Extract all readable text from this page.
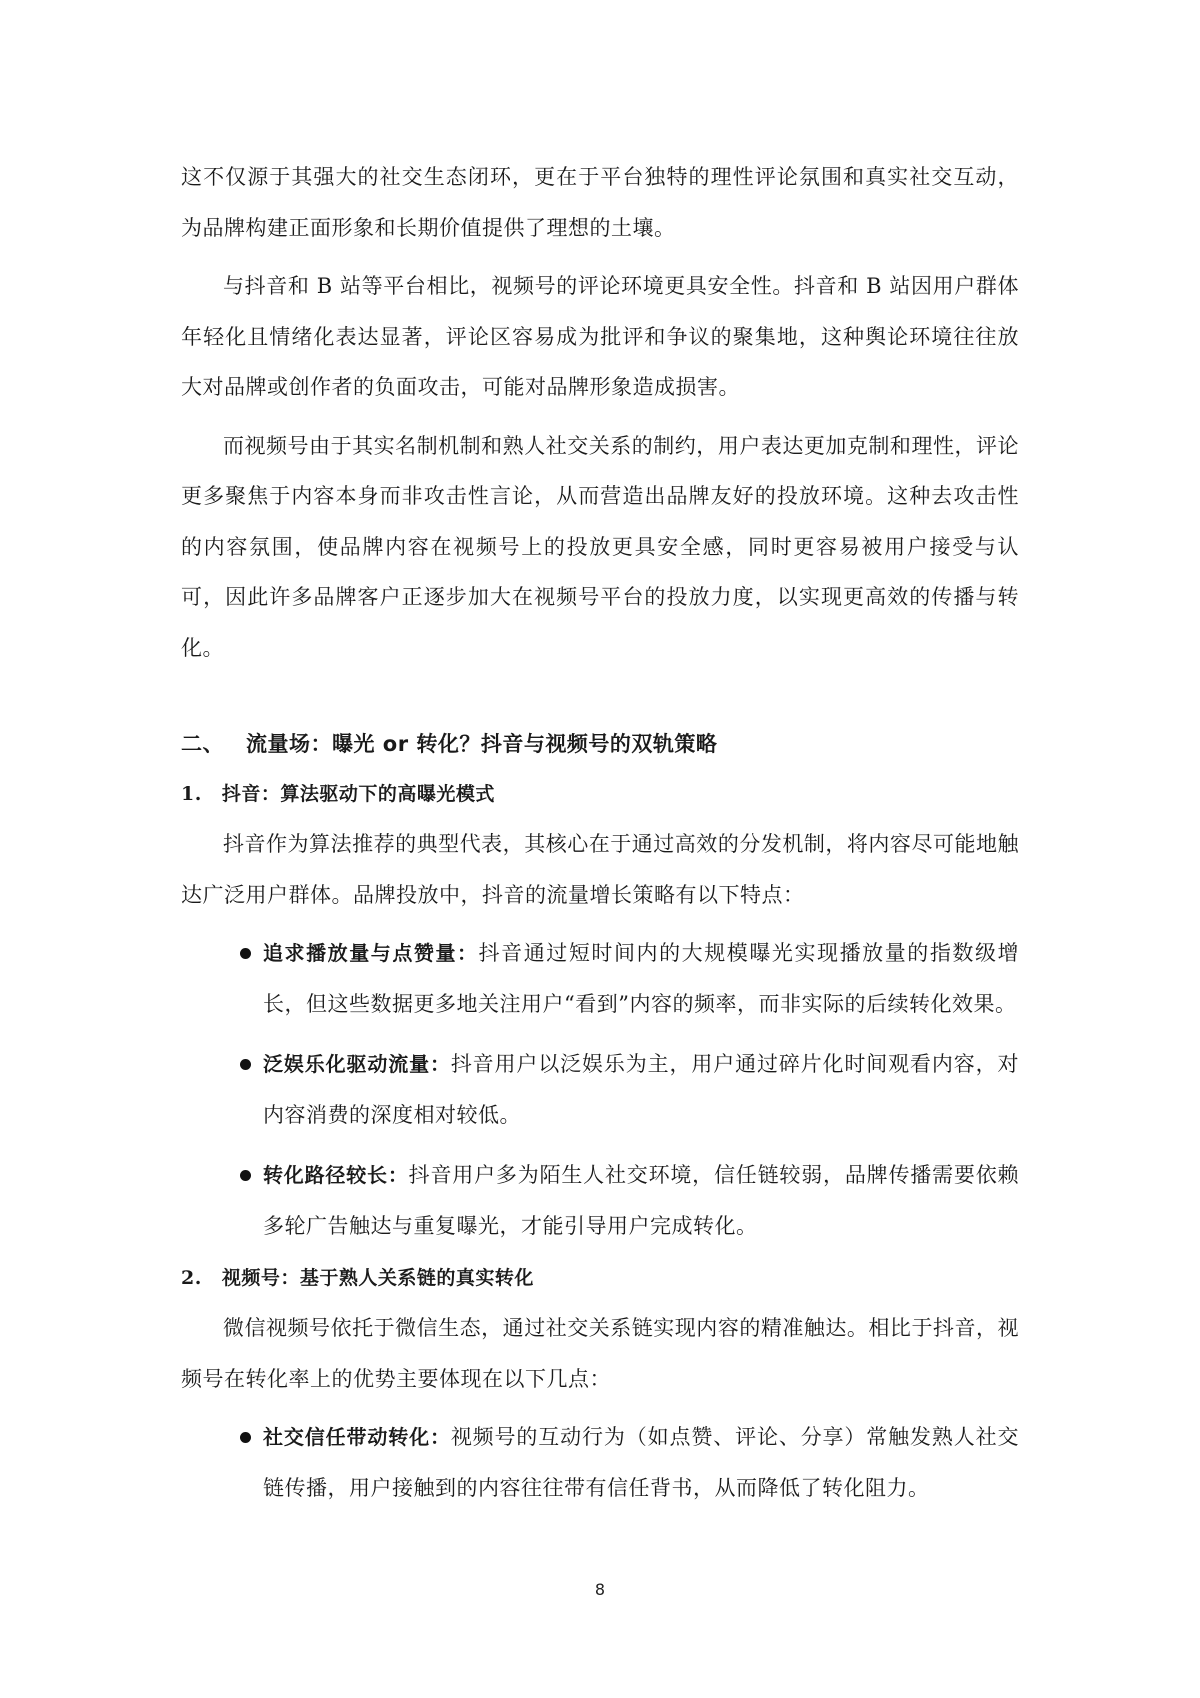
这不仅源于其强大的社交生态闭环，更在于平台独特的理性评论氛围和真实社交互动，为品牌构建正面形象和长期价值提供了理想的土壤。

与抖音和 B 站等平台相比，视频号的评论环境更具安全性。抖音和 B 站因用户群体年轻化且情绪化表达显著，评论区容易成为批评和争议的聚集地，这种舆论环境往往放大对品牌或创作者的负面攻击，可能对品牌形象造成损害。

而视频号由于其实名制机制和熟人社交关系的制约，用户表达更加克制和理性，评论更多聚焦于内容本身而非攻击性言论，从而营造出品牌友好的投放环境。这种去攻击性的内容氛围，使品牌内容在视频号上的投放更具安全感，同时更容易被用户接受与认可，因此许多品牌客户正逐步加大在视频号平台的投放力度，以实现更高效的传播与转化。

二、 流量场：曝光 or 转化？抖音与视频号的双轨策略
1. 抖音：算法驱动下的高曝光模式

抖音作为算法推荐的典型代表，其核心在于通过高效的分发机制，将内容尽可能地触达广泛用户群体。品牌投放中，抖音的流量增长策略有以下特点：

追求播放量与点赞量：抖音通过短时间内的大规模曝光实现播放量的指数级增长，但这些数据更多地关注用户“看到”内容的频率，而非实际的后续转化效果。
泛娱乐化驱动流量：抖音用户以泛娱乐为主，用户通过碎片化时间观看内容，对内容消费的深度相对较低。
转化路径较长：抖音用户多为陌生人社交环境，信任链较弱，品牌传播需要依赖多轮广告触达与重复曝光，才能引导用户完成转化。
2. 视频号：基于熟人关系链的真实转化

微信视频号依托于微信生态，通过社交关系链实现内容的精准触达。相比于抖音，视频号在转化率上的优势主要体现在以下几点：

社交信任带动转化：视频号的互动行为（如点赞、评论、分享）常触发熟人社交链传播，用户接触到的内容往往带有信任背书，从而降低了转化阻力。
8
